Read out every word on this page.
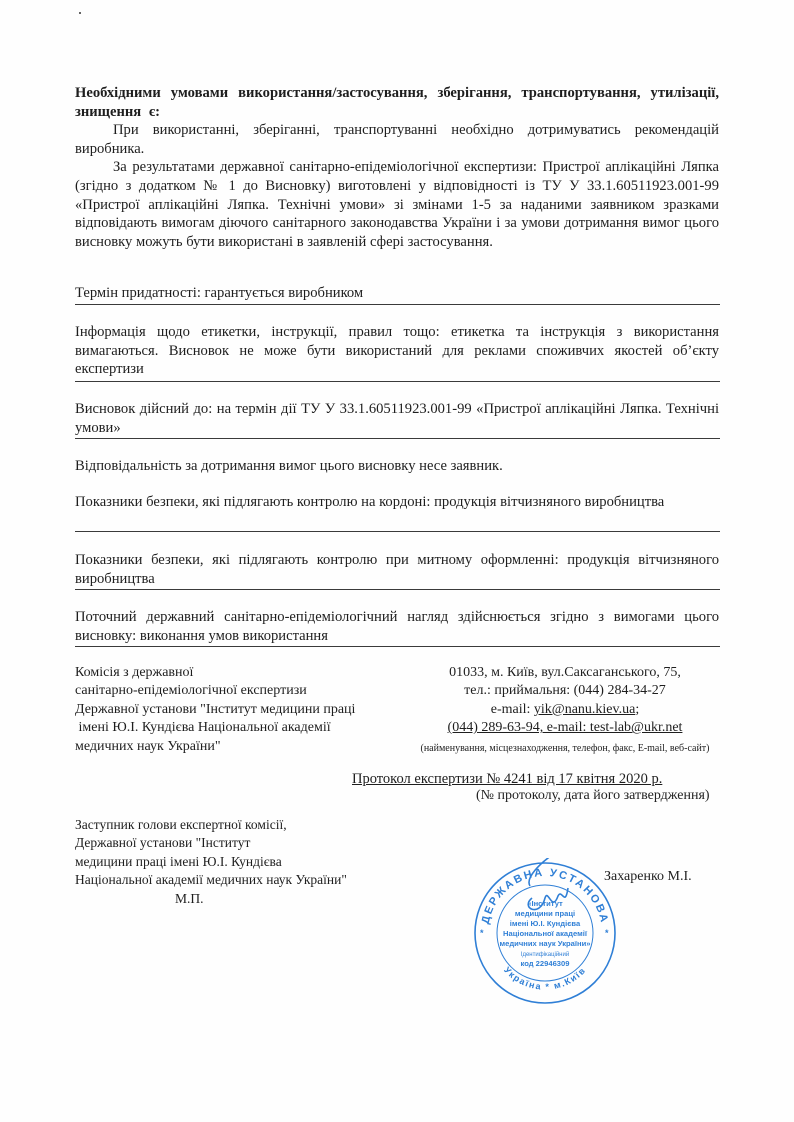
Необхідними умовами використання/застосування, зберігання, транспортування, утилізації, знищення є:

При використанні, зберіганні, транспортуванні необхідно дотримуватись рекомендацій виробника.

За результатами державної санітарно-епідеміологічної експертизи: Пристрої аплікаційні Ляпка (згідно з додатком № 1 до Висновку) виготовлені у відповідності із ТУ У 33.1.60511923.001-99 «Пристрої аплікаційні Ляпка. Технічні умови» зі змінами 1-5 за наданими заявником зразками відповідають вимогам діючого санітарного законодавства України і за умови дотримання вимог цього висновку можуть бути використані в заявленій сфері застосування.

Термін придатності: гарантується виробником
Інформація щодо етикетки, інструкції, правил тощо: етикетка та інструкція з використання вимагаються. Висновок не може бути використаний для реклами споживчих якостей об’єкту експертизи
Висновок дійсний до: на термін дії ТУ У 33.1.60511923.001-99 «Пристрої аплікаційні Ляпка. Технічні умови»
Відповідальність за дотримання вимог цього висновку несе заявник.
Показники безпеки, які підлягають контролю на кордоні: продукція вітчизняного виробництва
Показники безпеки, які підлягають контролю при митному оформленні: продукція вітчизняного виробництва
Поточний державний санітарно-епідеміологічний нагляд здійснюється згідно з вимогами цього висновку: виконання умов використання
Комісія з державної
санітарно-епідеміологічної експертизи
Державної установи "Інститут медицини праці
імені Ю.І. Кундієва Національної академії
медичних наук України"
01033, м. Київ, вул.Саксаганського, 75,
тел.: приймальня: (044) 284-34-27
e-mail: yik@nanu.kiev.ua;
(044) 289-63-94, e-mail: test-lab@ukr.net
(найменування, місцезнаходження, телефон, факс, E-mail, веб-сайт)
Протокол експертизи № 4241 від 17 квітня 2020 р.
(№ протоколу, дата його затвердження)
Заступник голови експертної комісії,
Державної установи "Інститут
медицини праці імені Ю.І. Кундієва
Національної академії медичних наук України"
М.П.
Захаренко М.І.
ДЕРЖАВНА УСТАНОВА
Україна * м.Київ
«Інститут
медицини праці
імені Ю.І. Кундієва
Національної академії
медичних наук України»
Ідентифікаційний
код 22946309
*	*
